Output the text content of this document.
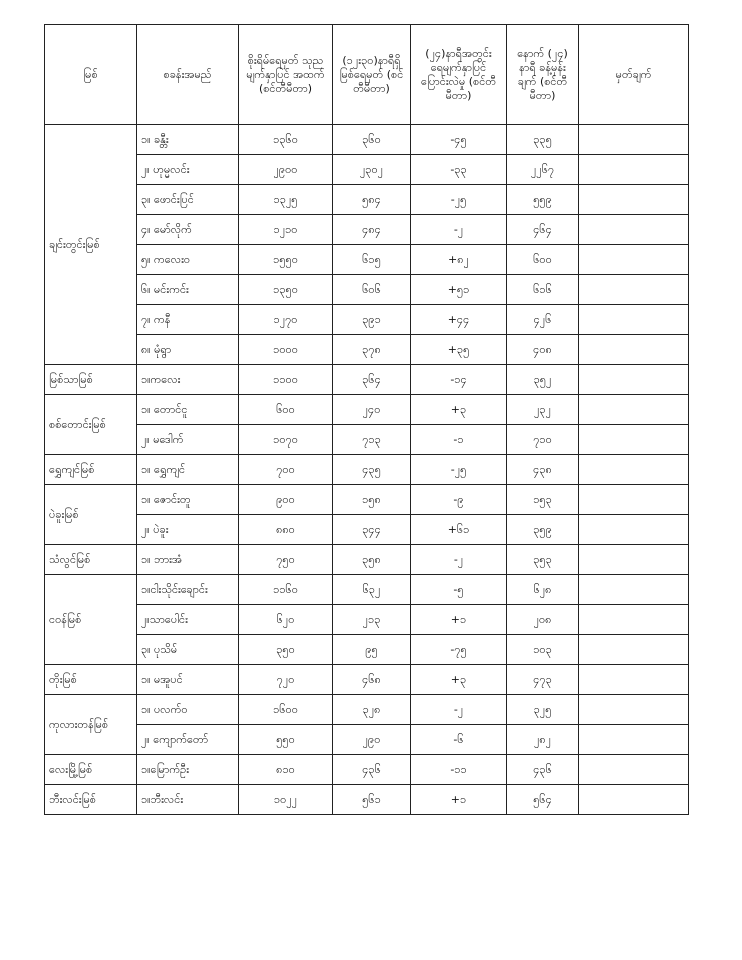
မြစ်	စခန်းအမည်	စိုးရိမ်ရေမှတ် သုညမျက်နှာပြင် အထက် (စင်တီမီတာ)	(၁၂း၃၀)နာရီရှိ မြစ်ရေမှတ် (စင်တီမီတာ)	(၂၄)နာရီအတွင်း ရေမျက်နှာပြင် ပြောင်းလဲမှု (စင်တီမီတာ)	နောက် (၂၄) နာရီ ခန့်မှန်းချက် (စင်တီမီတာ)	မှတ်ချက်
ချင်းတွင်းမြစ်	၁။ ခန္တီး	၁၃၆၀	၃၆၀	-၄၅	၃၃၅	
	၂။ ဟုမ္မလင်း	၂၉၀၀	၂၃၀၂	-၃၃	၂၂၆၇	
	၃။ ဖောင်းပြင်	၁၃၂၅	၅၈၄	-၂၅	၅၅၉	
	၄။ မော်လိုက်	၁၂၁၀	၄၈၄	-၂	၄၆၄	
	၅။ ကလေးဝ	၁၅၅၀	၆၁၅	+၈၂	၆၀၀	
	၆။ မင်းကင်း	၁၃၅၀	၆၀၆	+၅၁	၆၁၆	
	၇။ ကနီ	၁၂၇၀	၃၉၁	+၄၄	၄၂၆	
	၈။ မုံရွာ	၁၀၀၀	၃၇၈	+၃၅	၄၀၈	
မြစ်သာမြစ်	၁။ကလေး	၁၁၀၀	၃၆၄	-၁၄	၃၅၂	
စစ်တောင်းမြစ်	၁။ တောင်ငူ	၆၀၀	၂၄၀	+၃	၂၃၂	
	၂။ မဒေါက်	၁၀၇၀	၇၁၃	-၁	၇၁၀	
ရွှေကျင်မြစ်	၁။ ရွှေကျင်	၇၀၀	၄၃၅	-၂၅	၄၃၈	
ပဲခူးမြစ်	၁။ ဇောင်းတူ	၉၀၀	၁၅၈	-၉	၁၅၃	
	၂။ ပဲခူး	၈၈၀	၃၄၄	+၆၁	၃၅၉	
သံလွင်မြစ်	၁။ ဘားအံ	၇၅၀	၃၅၈	-၂	၃၅၃	
ငဝန်မြစ်	၁။ငါးသိုင်းချောင်း	၁၁၆၀	၆၃၂	-၅	၆၂၈	
	၂။သာပေါင်း	၆၂၀	၂၁၃	+၁	၂၀၈	
	၃။ ပုသိမ်	၃၅၀	၉၅	-၇၅	၁၀၃	
တိုးမြစ်	၁။ မအူပင်	၇၂၀	၄၆၈	+၃	၄၇၃	
ကုလားတန်မြစ်	၁။ ပလက်ဝ	၁၆၀၀	၃၂၈	-၂	၃၂၅	
	၂။ ကျောက်တော်	၅၅၀	၂၉၀	-၆	၂၈၂	
လေးမြို့မြစ်	၁။မြောက်ဦး	၈၁၀	၄၃၆	-၁၁	၄၃၆	
ဘီးလင်းမြစ်	၁။ဘီးလင်း	၁၀၂၂	၅၆၁	+၁	၅၆၄	
